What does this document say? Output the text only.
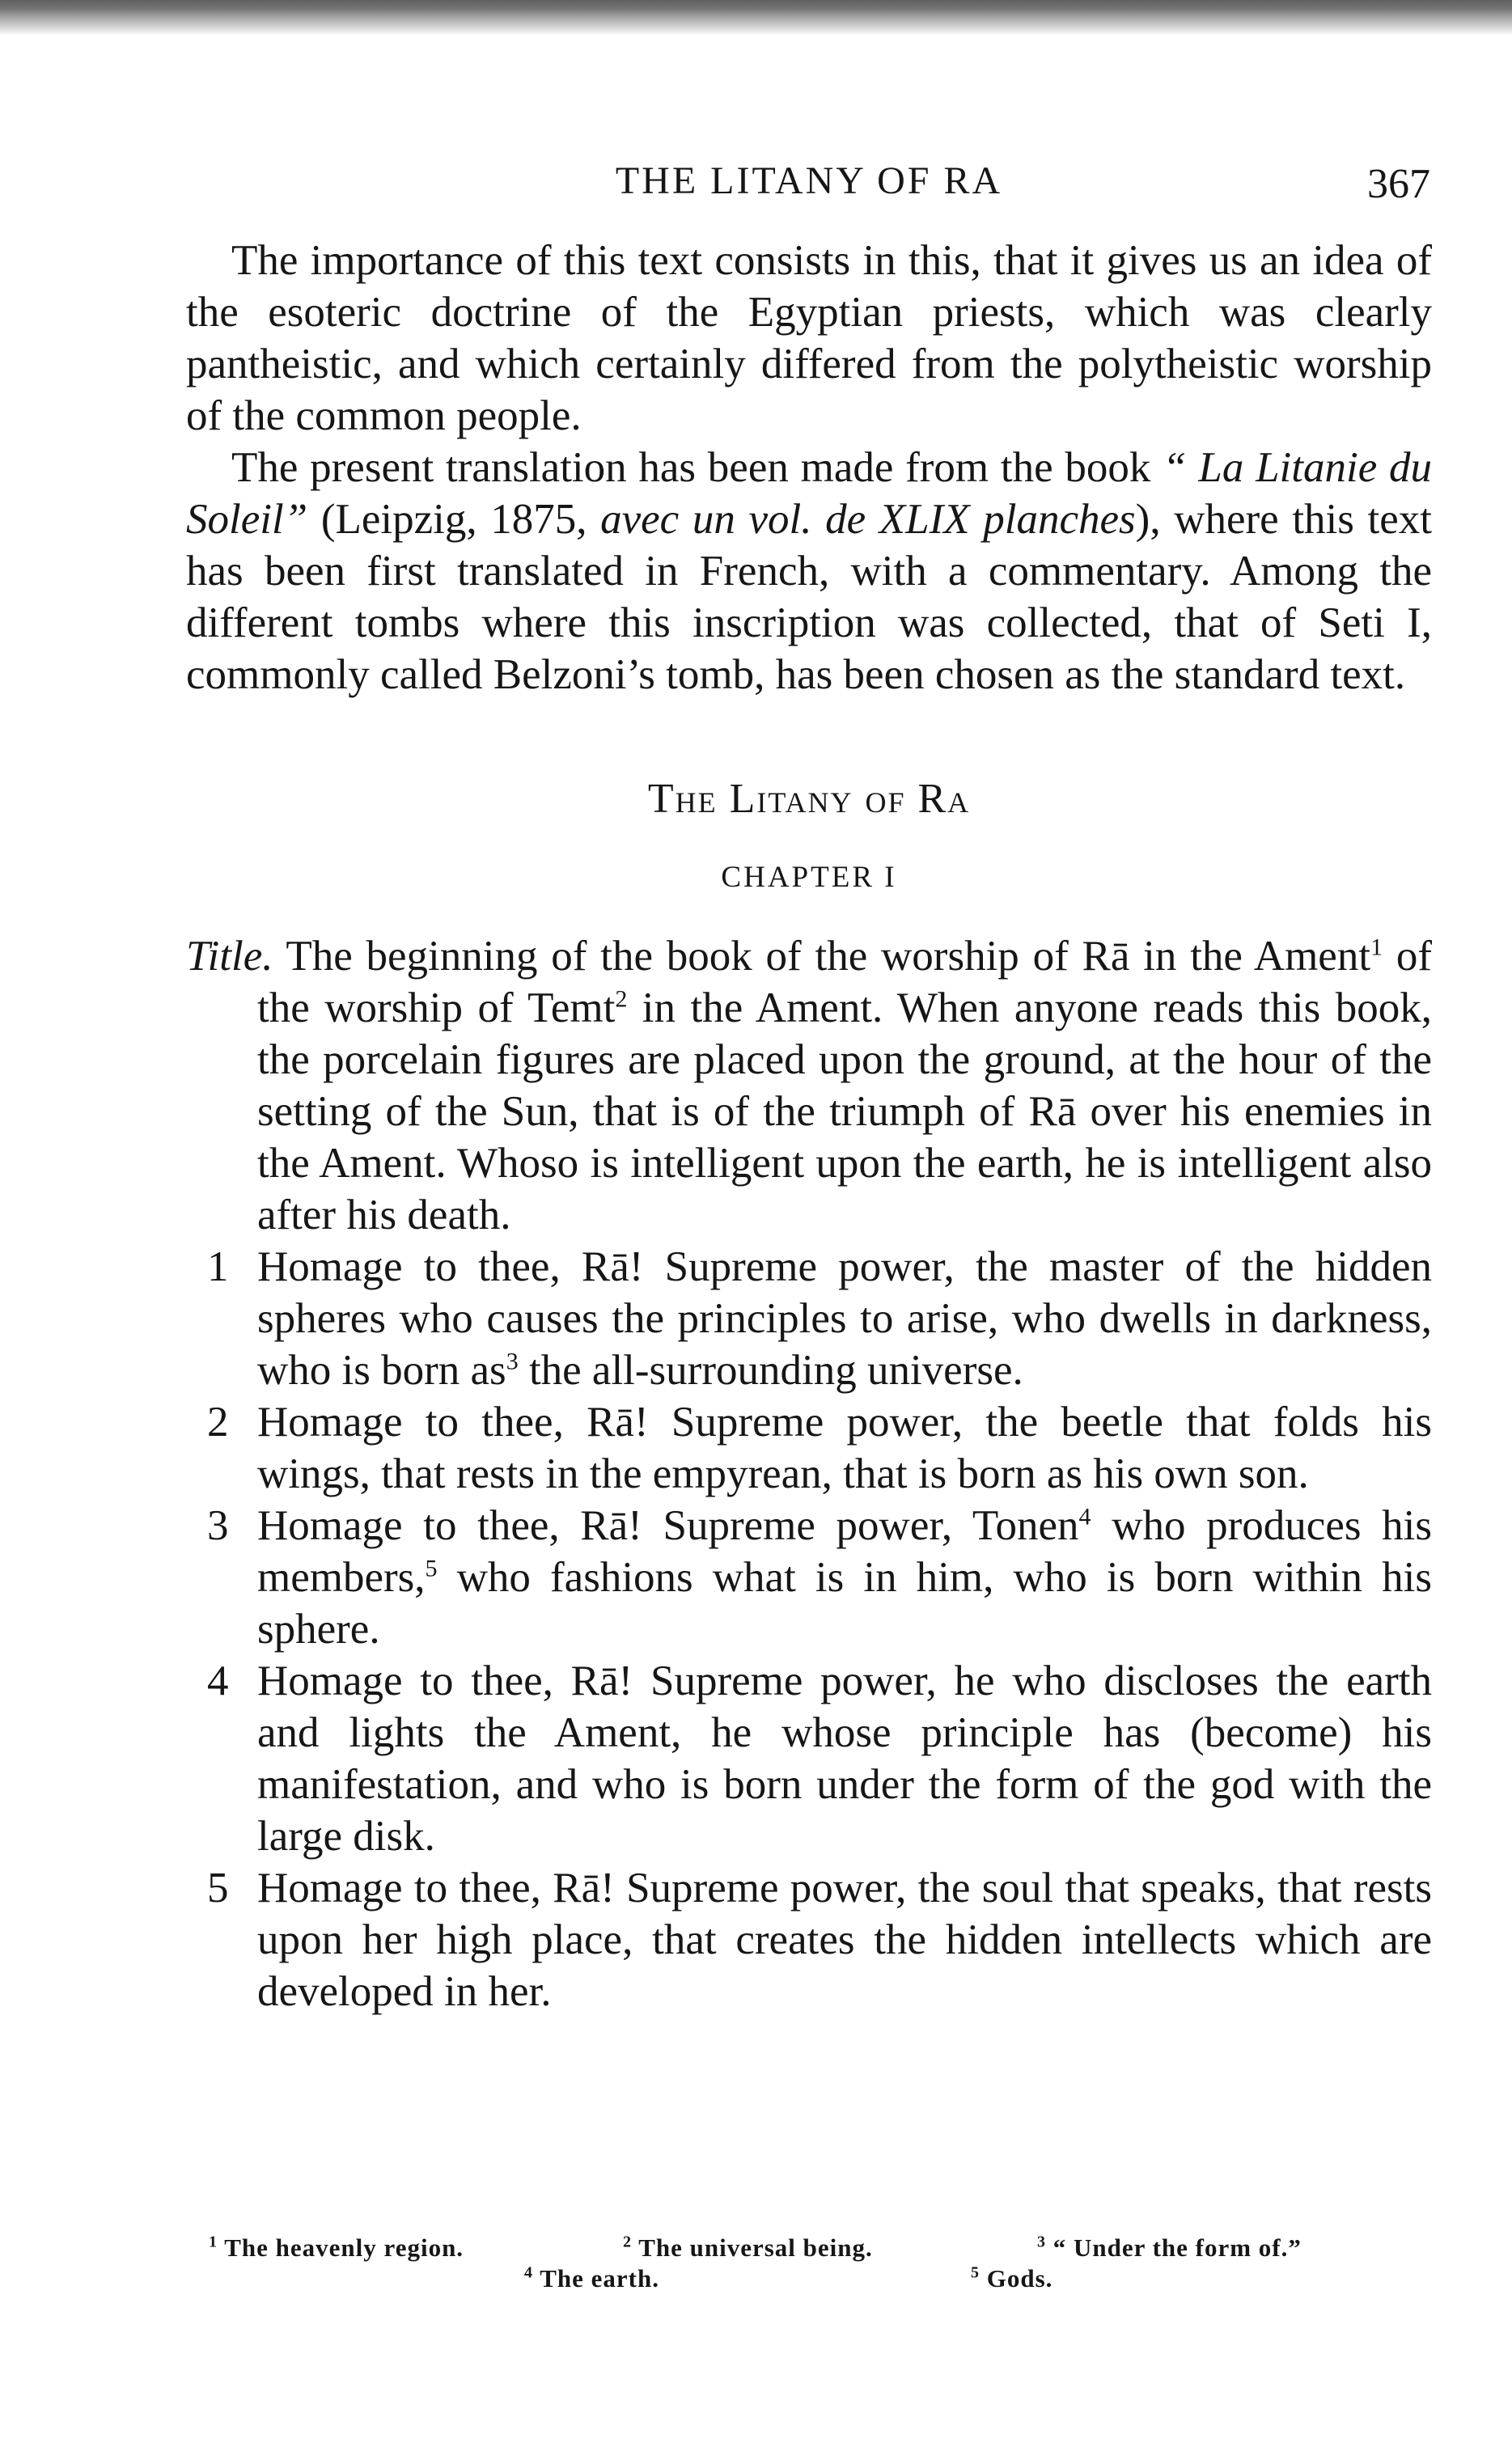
THE LITANY OF RA	367

The importance of this text consists in this, that it gives us an idea of the esoteric doctrine of the Egyptian priests, which was clearly pantheistic, and which certainly differed from the polytheistic worship of the common people.

The present translation has been made from the book “ La Litanie du Soleil” (Leipzig, 1875, avec un vol. de XLIX planches), where this text has been first translated in French, with a commentary. Among the different tombs where this inscription was collected, that of Seti I, commonly called Belzoni’s tomb, has been chosen as the standard text.

The Litany of Ra
CHAPTER I
Title. The beginning of the book of the worship of Rā in the Ament$^1$ of the worship of Temt$^2$ in the Ament. When anyone reads this book, the porcelain figures are placed upon the ground, at the hour of the setting of the Sun, that is of the triumph of Rā over his enemies in the Ament. Whoso is intelligent upon the earth, he is intelligent also after his death.
1 Homage to thee, Rā! Supreme power, the master of the hidden spheres who causes the principles to arise, who dwells in darkness, who is born $as^3$ the all-surrounding universe.
2 Homage to thee, Rā! Supreme power, the beetle that folds his wings, that rests in the empyrean, that is born as his own son.
3 Homage to thee, Rā! Supreme power, Tonen$^4$ who produces his members,$^5$ who fashions what is in him, who is born within his sphere.
4 Homage to thee, Rā! Supreme power, he who discloses the earth and lights the Ament, he whose principle has (become) his manifestation, and who is born under the form of the god with the large disk.
5 Homage to thee, Rā! Supreme power, the soul that speaks, that rests upon her high place, that creates the hidden intellects which are developed in her.
$^1$ The heavenly region.	$^2$ The universal being.	$^3$ “ Under the form of.”
$^4$ The earth.	$^5$ Gods.
